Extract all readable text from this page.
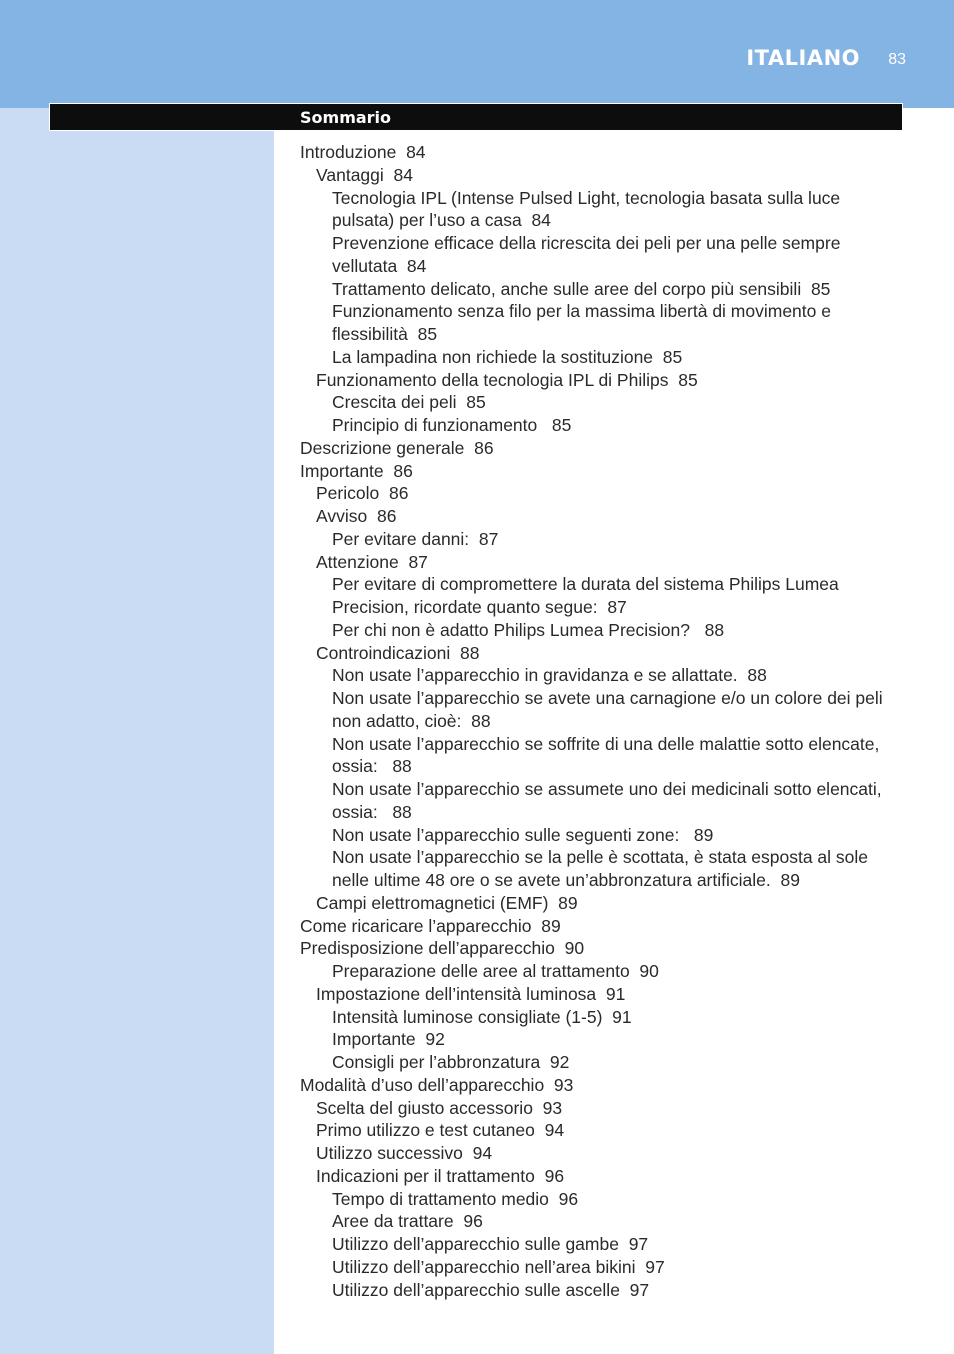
ITALIANO 83
Sommario
Introduzione 84
Vantaggi 84
Tecnologia IPL (Intense Pulsed Light, tecnologia basata sulla luce pulsata) per l’uso a casa 84
Prevenzione efficace della ricrescita dei peli per una pelle sempre vellutata 84
Trattamento delicato, anche sulle aree del corpo più sensibili 85
Funzionamento senza filo per la massima libertà di movimento e flessibilità 85
La lampadina non richiede la sostituzione 85
Funzionamento della tecnologia IPL di Philips 85
Crescita dei peli 85
Principio di funzionamento   85
Descrizione generale 86
Importante 86
Pericolo 86
Avviso 86
Per evitare danni: 87
Attenzione 87
Per evitare di compromettere la durata del sistema Philips Lumea Precision, ricordate quanto segue: 87
Per chi non è adatto Philips Lumea Precision?   88
Controindicazioni 88
Non usate l’apparecchio in gravidanza e se allattate. 88
Non usate l’apparecchio se avete una carnagione e/o un colore dei peli non adatto, cioè: 88
Non usate l’apparecchio se soffrite di una delle malattie sotto elencate, ossia:   88
Non usate l’apparecchio se assumete uno dei medicinali sotto elencati, ossia:   88
Non usate l’apparecchio sulle seguenti zone:   89
Non usate l’apparecchio se la pelle è scottata, è stata esposta al sole nelle ultime 48 ore o se avete un’abbronzatura artificiale. 89
Campi elettromagnetici (EMF) 89
Come ricaricare l’apparecchio 89
Predisposizione dell’apparecchio 90
Preparazione delle aree al trattamento 90
Impostazione dell’intensità luminosa 91
Intensità luminose consigliate (1-5) 91
Importante 92
Consigli per l’abbronzatura 92
Modalità d’uso dell’apparecchio 93
Scelta del giusto accessorio 93
Primo utilizzo e test cutaneo 94
Utilizzo successivo 94
Indicazioni per il trattamento 96
Tempo di trattamento medio 96
Aree da trattare 96
Utilizzo dell’apparecchio sulle gambe 97
Utilizzo dell’apparecchio nell’area bikini 97
Utilizzo dell’apparecchio sulle ascelle 97
